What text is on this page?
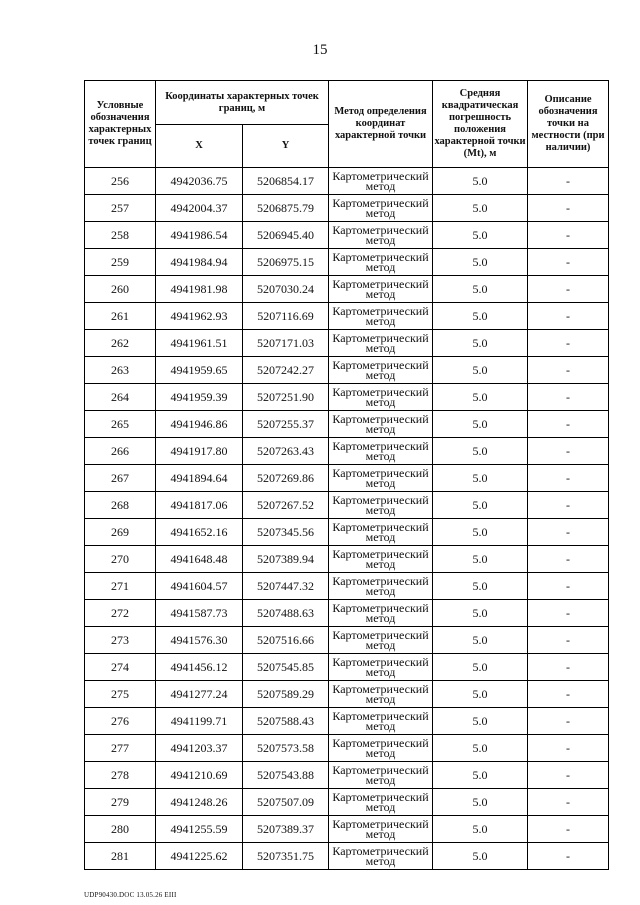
15
Условные обозначения характерных точек границ	Координаты характерных точек границ, м		Метод определения координат характерной точки	Средняя квадратическая погрешность положения характерной точки (Mt), м	Описание обозначения точки на местности (при наличии)
	X	Y			
256	4942036.75	5206854.17	Картометрический метод	5.0	-
257	4942004.37	5206875.79	Картометрический метод	5.0	-
258	4941986.54	5206945.40	Картометрический метод	5.0	-
259	4941984.94	5206975.15	Картометрический метод	5.0	-
260	4941981.98	5207030.24	Картометрический метод	5.0	-
261	4941962.93	5207116.69	Картометрический метод	5.0	-
262	4941961.51	5207171.03	Картометрический метод	5.0	-
263	4941959.65	5207242.27	Картометрический метод	5.0	-
264	4941959.39	5207251.90	Картометрический метод	5.0	-
265	4941946.86	5207255.37	Картометрический метод	5.0	-
266	4941917.80	5207263.43	Картометрический метод	5.0	-
267	4941894.64	5207269.86	Картометрический метод	5.0	-
268	4941817.06	5207267.52	Картометрический метод	5.0	-
269	4941652.16	5207345.56	Картометрический метод	5.0	-
270	4941648.48	5207389.94	Картометрический метод	5.0	-
271	4941604.57	5207447.32	Картометрический метод	5.0	-
272	4941587.73	5207488.63	Картометрический метод	5.0	-
273	4941576.30	5207516.66	Картометрический метод	5.0	-
274	4941456.12	5207545.85	Картометрический метод	5.0	-
275	4941277.24	5207589.29	Картометрический метод	5.0	-
276	4941199.71	5207588.43	Картометрический метод	5.0	-
277	4941203.37	5207573.58	Картометрический метод	5.0	-
278	4941210.69	5207543.88	Картометрический метод	5.0	-
279	4941248.26	5207507.09	Картометрический метод	5.0	-
280	4941255.59	5207389.37	Картометрический метод	5.0	-
281	4941225.62	5207351.75	Картометрический метод	5.0	-
UDP90430.DOC 13.05.26 EIII
